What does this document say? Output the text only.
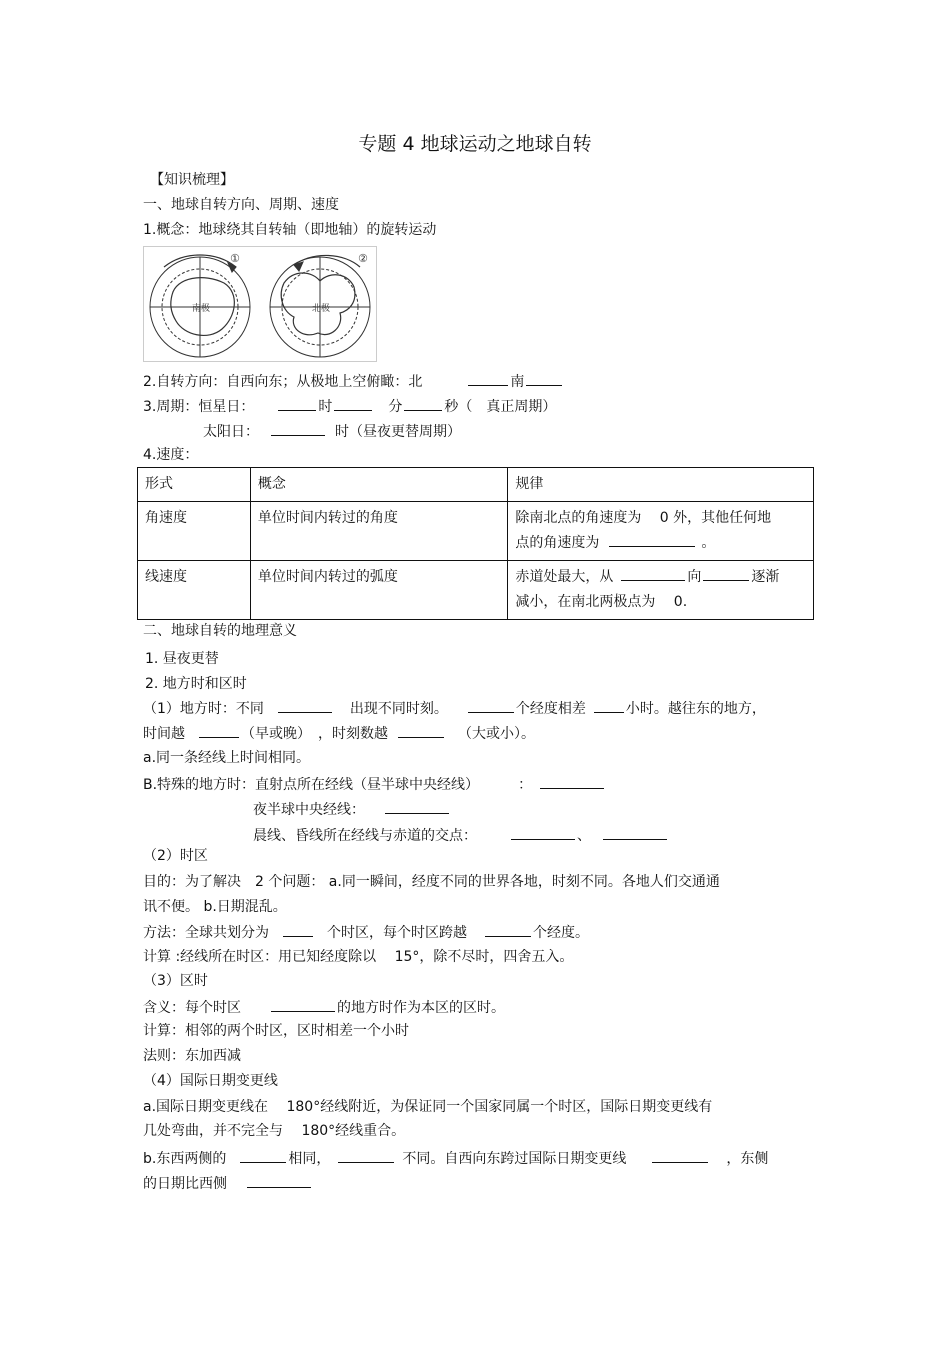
专题 4 地球运动之地球自转
【知识梳理】
一、地球自转方向、周期、速度
1.概念：地球绕其自转轴（即地轴）的旋转运动
①
南极
②
北极
2.自转方向：自西向东；从极地上空俯瞰：北	南
3.周期：恒星日：	时	分	秒（　真正周期）
太阳日：	时（昼夜更替周期）
4.速度：
形式	概念	规律
角速度	单位时间内转过的角度	除南北点的角速度为　 0 外，其他任何地
点的角速度为 。
线速度	单位时间内转过的弧度	赤道处最大，从 向 逐渐
减小，在南北两极点为　 0.
二、地球自转的地理意义
1. 昼夜更替
2. 地方时和区时
（1）地方时：不同	出现不同时刻。	个经度相差	小时。越往东的地方，
时间越	（早或晚）　，时刻数越	（大或小）。
a.同一条经线上时间相同。
B.特殊的地方时：直射点所在经线（昼半球中央经线）	：
夜半球中央经线：
晨线、昏线所在经线与赤道的交点：	、
（2）时区
目的：为了解决　2 个问题： a.同一瞬间，经度不同的世界各地，时刻不同。各地人们交通通
讯不便。 b.日期混乱。
方法：全球共划分为	个时区，每个时区跨越	个经度。
计算 :经线所在时区：用已知经度除以　 15°，除不尽时，四舍五入。
（3）区时
含义：每个时区	的地方时作为本区的区时。
计算：相邻的两个时区，区时相差一个小时
法则：东加西减
（4）国际日期变更线
a.国际日期变更线在　 180°经线附近，为保证同一个国家同属一个时区，国际日期变更线有
几处弯曲，并不完全与　 180°经线重合。
b.东西两侧的	相同，	不同。自西向东跨过国际日期变更线	，东侧
的日期比西侧
